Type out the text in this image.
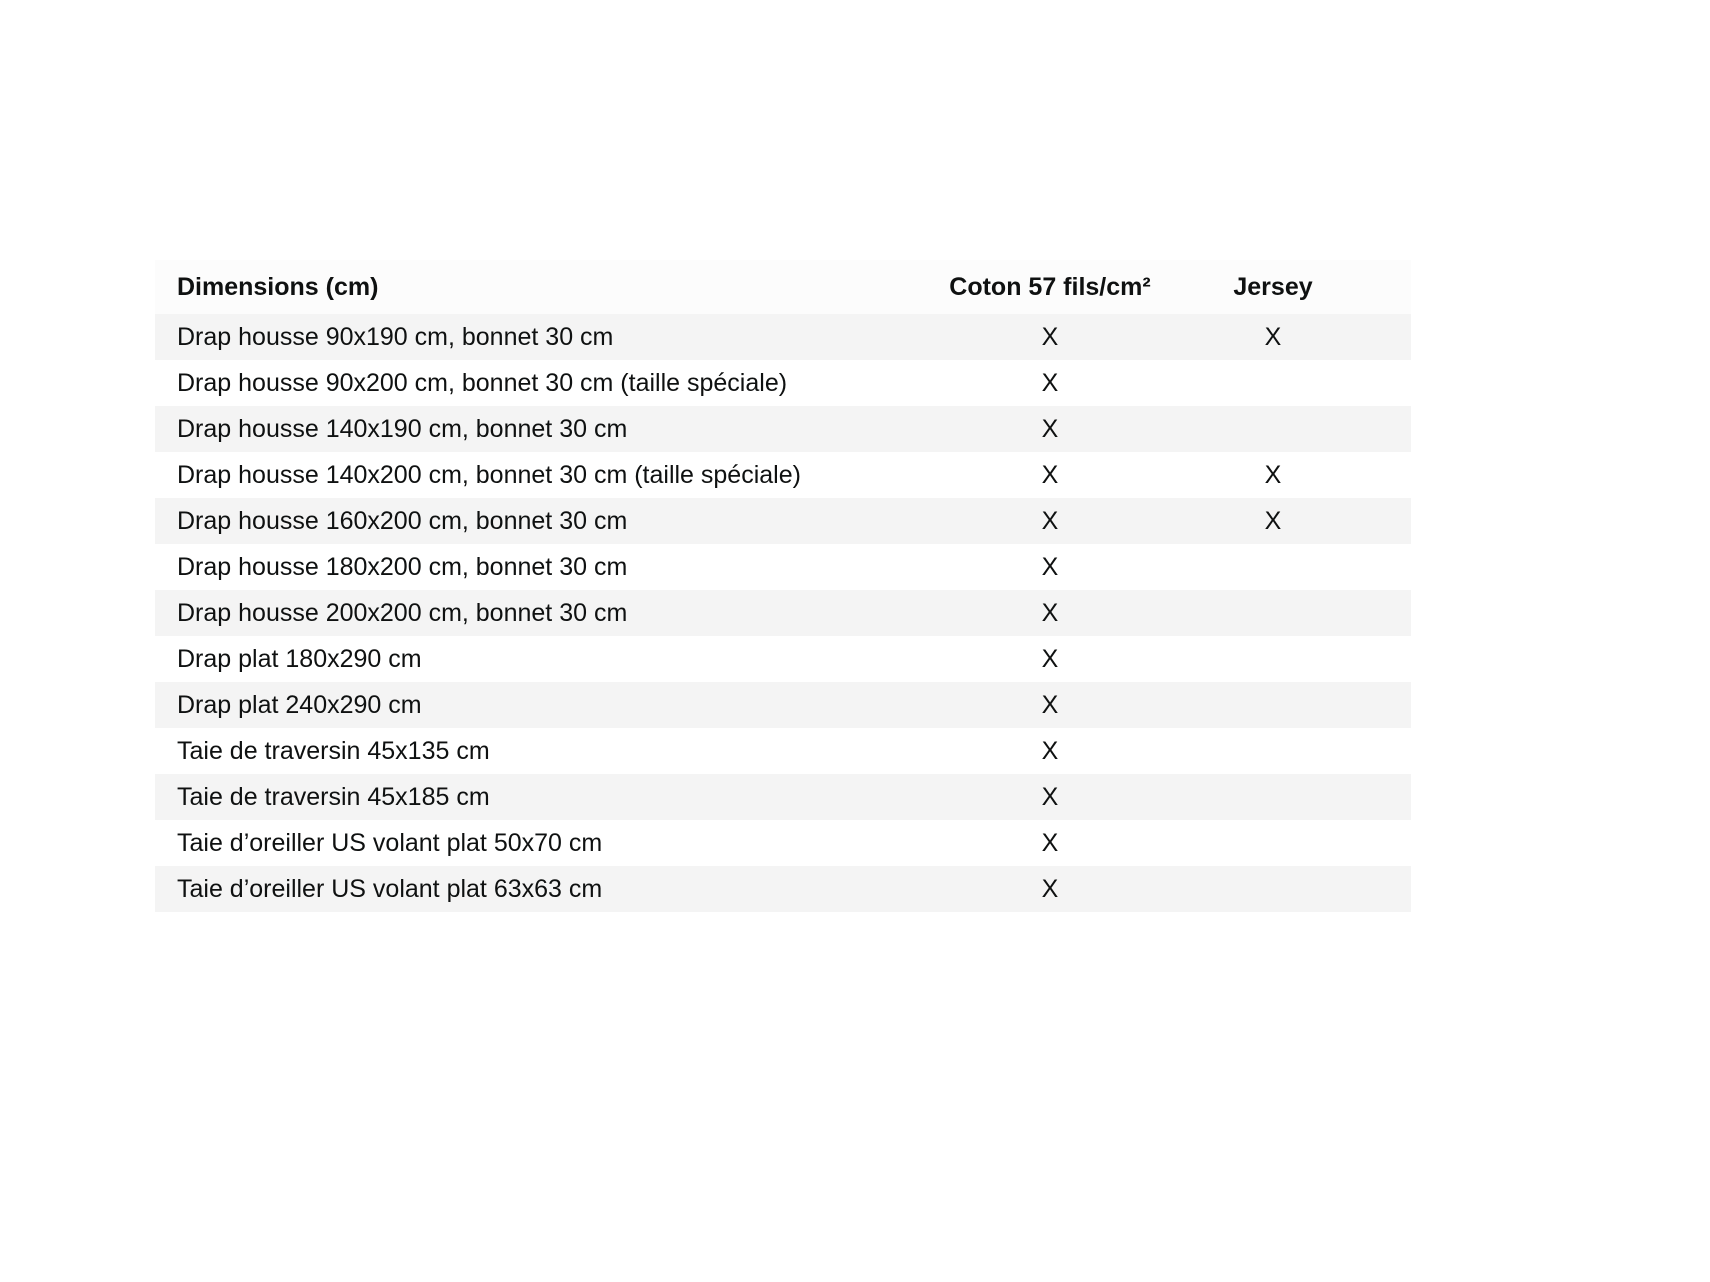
Dimensions (cm)	Coton 57 fils/cm²	Jersey
Drap housse 90x190 cm, bonnet 30 cm	X	X
Drap housse 90x200 cm, bonnet 30 cm (taille spéciale)	X
Drap housse 140x190 cm, bonnet 30 cm	X
Drap housse 140x200 cm, bonnet 30 cm (taille spéciale)	X	X
Drap housse 160x200 cm, bonnet 30 cm	X	X
Drap housse 180x200 cm, bonnet 30 cm	X
Drap housse 200x200 cm, bonnet 30 cm	X
Drap plat 180x290 cm	X
Drap plat 240x290 cm	X
Taie de traversin 45x135 cm	X
Taie de traversin 45x185 cm	X
Taie d’oreiller US volant plat 50x70 cm	X
Taie d’oreiller US volant plat 63x63 cm	X
